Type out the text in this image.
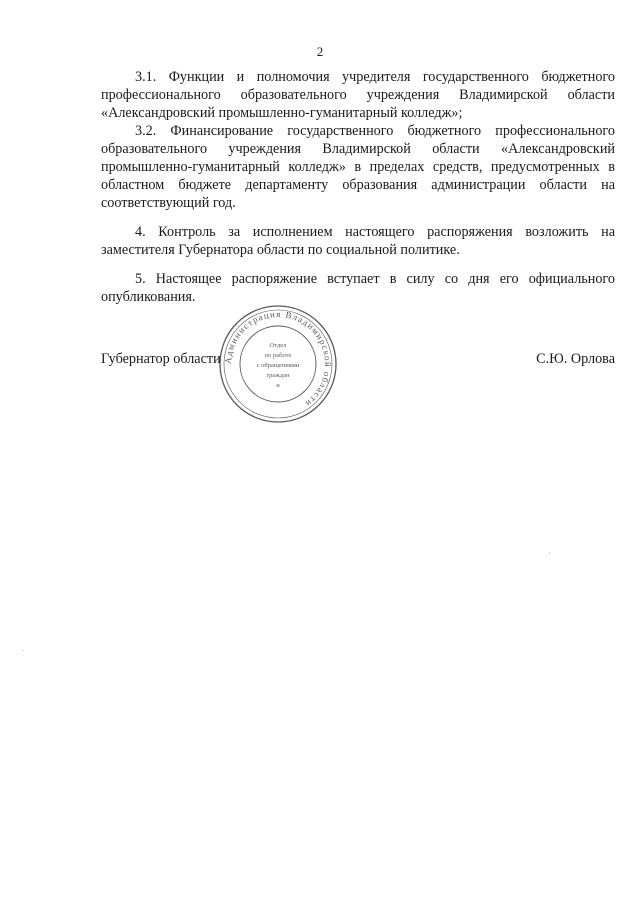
2

3.1. Функции и полномочия учредителя государственного бюджетного профессионального образовательного учреждения Владимирской области «Александровский промышленно-гуманитарный колледж»;

3.2. Финансирование государственного бюджетного профессионального образовательного учреждения Владимирской области «Александровский промышленно-гуманитарный колледж» в пределах средств, предусмотренных в областном бюджете департаменту образования администрации области на соответствующий год.

4. Контроль за исполнением настоящего распоряжения возложить на заместителя Губернатора области по социальной политике.

5. Настоящее распоряжение вступает в силу со дня его официального опубликования.

Администрация Владимирской области
Отдел
по работе
с обращениями
граждан
и
Губернатор области	С.Ю. Орлова
